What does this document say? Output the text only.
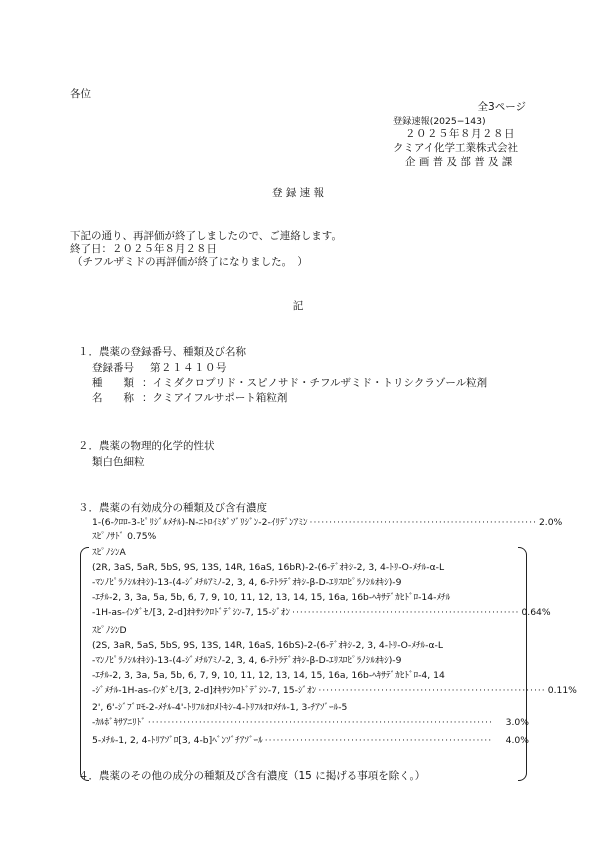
各位
全3ページ
登録速報(2025−143)
２０２５年８月２８日
クミアイ化学工業株式会社
企 画 普 及 部 普 及 課
登 録 速 報
下記の通り、再評価が終了しましたので、ご連絡します。
終了日：２０２５年８月２８日
（チフルザミドの再評価が終了になりました。　）
記
１．農薬の登録番号、種類及び名称
登録番号 第２１４１０号
種　　類 ：イミダクロプリド・スピノサド・チフルザミド・トリシクラゾール粒剤
名　　称 ：クミアイフルサポート箱粒剤
２．農薬の物理的化学的性状
類白色細粒
３．農薬の有効成分の種類及び含有濃度
1-(6-ｸﾛﾛ-3-ﾋﾟﾘｼﾞﾙﾒﾁﾙ)-N-ﾆﾄﾛｲﾐﾀﾞｿﾞﾘｼﾞﾝ-2-ｲﾘﾃﾞﾝｱﾐﾝ ·························································· 2.0%
ｽﾋﾟﾉｻﾄﾞ 0.75%
ｽﾋﾟﾉｼﾝA
(2R, 3aS, 5aR, 5bS, 9S, 13S, 14R, 16aS, 16bR)-2-(6-ﾃﾞｵｷｼ-2, 3, 4-ﾄﾘ-O-ﾒﾁﾙ-α-L
-ﾏﾝﾉﾋﾟﾗﾉｼﾙｵｷｼ)-13-(4-ｼﾞﾒﾁﾙｱﾐﾉ-2, 3, 4, 6-ﾃﾄﾗﾃﾞｵｷｼ-β-D-ｴﾘｽﾛﾋﾟﾗﾉｼﾙｵｷｼ)-9
-ｴﾁﾙ-2, 3, 3a, 5a, 5b, 6, 7, 9, 10, 11, 12, 13, 14, 15, 16a, 16b-ﾍｷｻﾃﾞｶﾋﾄﾞﾛ-14-ﾒﾁﾙ
-1H-as-ｲﾝﾀﾞｾﾉ[3, 2-d]ｵｷｻｼｸﾛﾄﾞﾃﾞｼﾝ-7, 15-ｼﾞｵﾝ ·························································· 0.64%
ｽﾋﾟﾉｼﾝD
(2S, 3aR, 5aS, 5bS, 9S, 13S, 14R, 16aS, 16bS)-2-(6-ﾃﾞｵｷｼ-2, 3, 4-ﾄﾘ-O-ﾒﾁﾙ-α-L
-ﾏﾝﾉﾋﾟﾗﾉｼﾙｵｷｼ)-13-(4-ｼﾞﾒﾁﾙｱﾐﾉ-2, 3, 4, 6-ﾃﾄﾗﾃﾞｵｷｼ-β-D-ｴﾘｽﾛﾋﾟﾗﾉｼﾙｵｷｼ)-9
-ｴﾁﾙ-2, 3, 3a, 5a, 5b, 6, 7, 9, 10, 11, 12, 13, 14, 15, 16a, 16b-ﾍｷｻﾃﾞｶﾋﾄﾞﾛ-4, 14
-ｼﾞﾒﾁﾙ-1H-as-ｲﾝﾀﾞｾﾉ[3, 2-d]ｵｷｻｼｸﾛﾄﾞﾃﾞｼﾝ-7, 15-ｼﾞｵﾝ ·························································· 0.11%
2', 6'-ｼﾞﾌﾞﾛﾓ-2-ﾒﾁﾙ-4'-ﾄﾘﾌﾙｵﾛﾒﾄｷｼ-4-ﾄﾘﾌﾙｵﾛﾒﾁﾙ-1, 3-ﾁｱｿﾞｰﾙ-5
-ｶﾙﾎﾞｷｻｱﾆﾘﾄﾞ ························································································	3.0%
5-ﾒﾁﾙ-1, 2, 4-ﾄﾘｱｿﾞﾛ[3, 4-b]ﾍﾞﾝｿﾞﾁｱｿﾞｰﾙ ··························································	4.0%
４．農薬のその他の成分の種類及び含有濃度（15 に掲げる事項を除く。）
